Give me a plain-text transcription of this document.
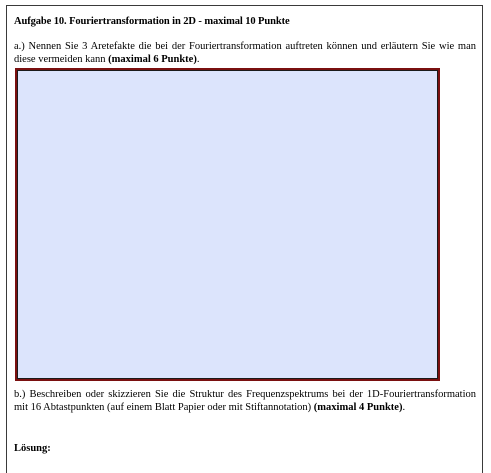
Aufgabe 10. Fouriertransformation in 2D - maximal 10 Punkte
a.) Nennen Sie 3 Aretefakte die bei der Fouriertransformation auftreten können und erläutern Sie wie man diese vermeiden kann (maximal 6 Punkte).
b.) Beschreiben oder skizzieren Sie die Struktur des Frequenzspektrums bei der 1D-Fouriertransformation mit 16 Abtastpunkten (auf einem Blatt Papier oder mit Stiftannotation) (maximal 4 Punkte).
Lösung:
